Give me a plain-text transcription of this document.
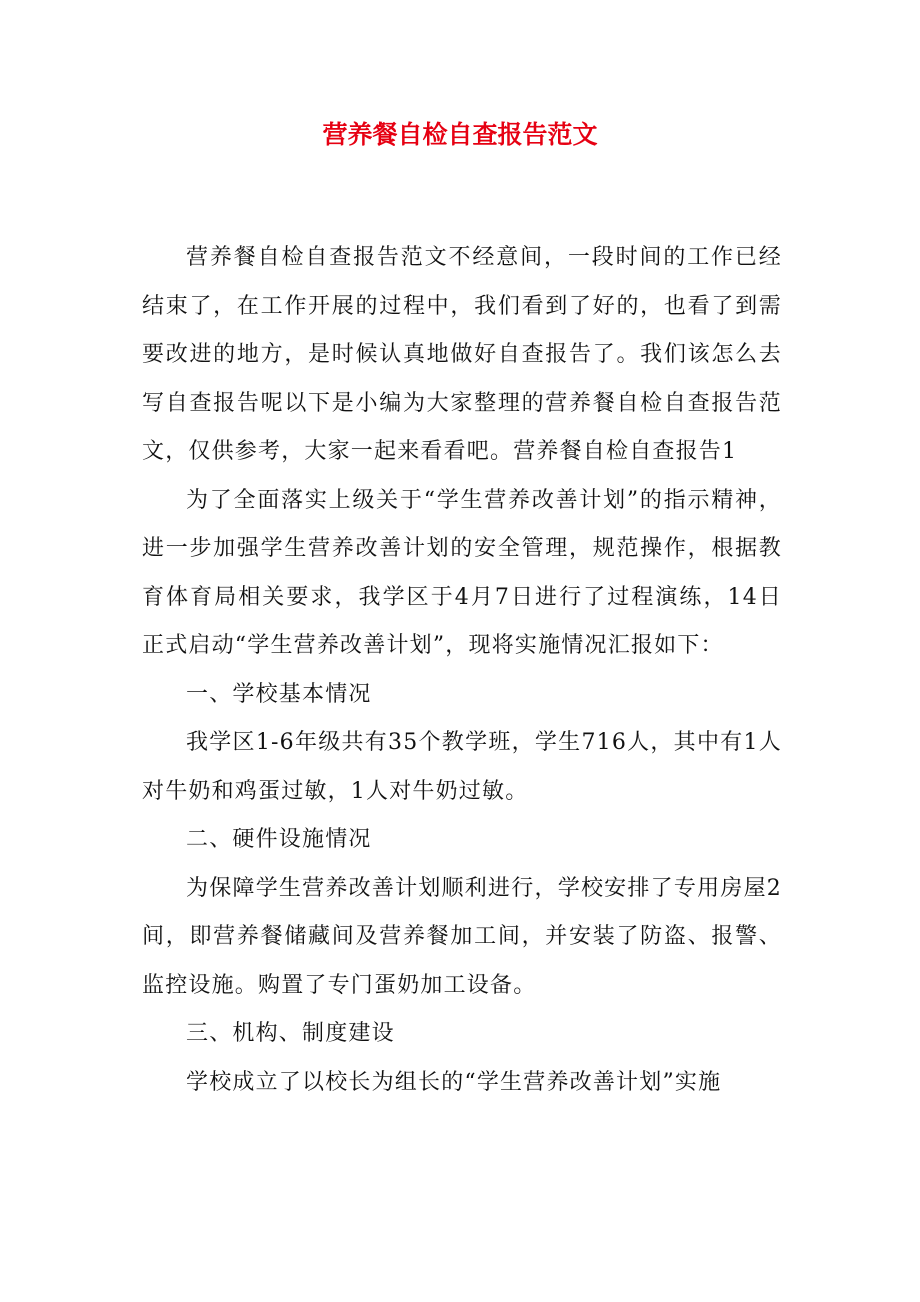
营养餐自检自查报告范文

营养餐自检自查报告范文不经意间，一段时间的工作已经结束了，在工作开展的过程中，我们看到了好的，也看了到需要改进的地方，是时候认真地做好自查报告了。我们该怎么去写自查报告呢以下是小编为大家整理的营养餐自检自查报告范文，仅供参考，大家一起来看看吧。营养餐自检自查报告1

为了全面落实上级关于“学生营养改善计划”的指示精神，进一步加强学生营养改善计划的安全管理，规范操作，根据教育体育局相关要求，我学区于4月7日进行了过程演练，14日正式启动“学生营养改善计划”，现将实施情况汇报如下：

一、学校基本情况

我学区1-6年级共有35个教学班，学生716人，其中有1人对牛奶和鸡蛋过敏，1人对牛奶过敏。

二、硬件设施情况

为保障学生营养改善计划顺利进行，学校安排了专用房屋2间，即营养餐储藏间及营养餐加工间，并安装了防盗、报警、监控设施。购置了专门蛋奶加工设备。

三、机构、制度建设

学校成立了以校长为组长的“学生营养改善计划”实施
